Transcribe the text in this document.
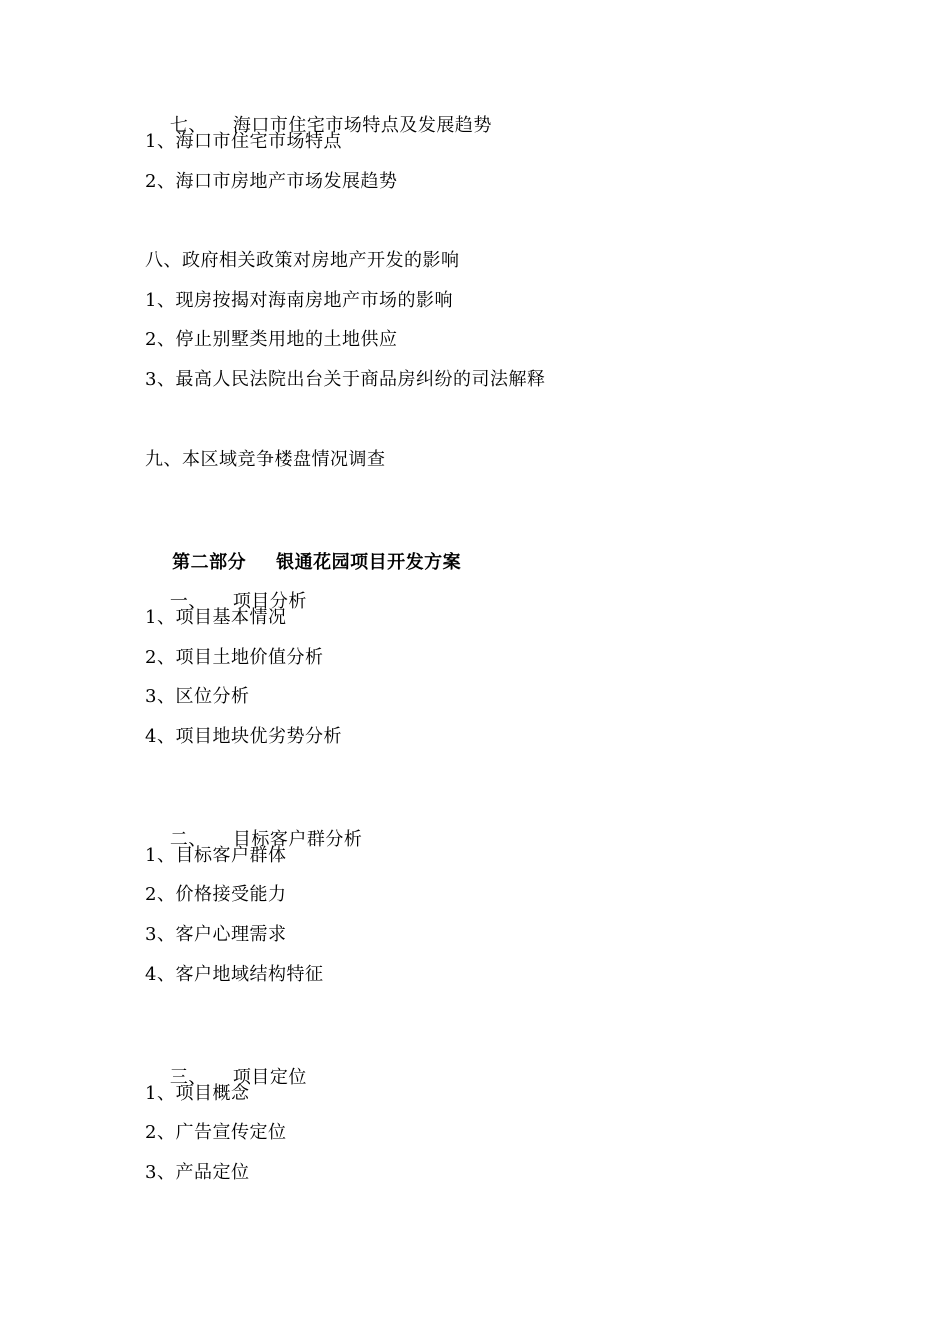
七、 海口市住宅市场特点及发展趋势

1、海口市住宅市场特点
2、海口市房地产市场发展趋势
八、政府相关政策对房地产开发的影响
1、现房按揭对海南房地产市场的影响
2、停止别墅类用地的土地供应
3、最高人民法院出台关于商品房纠纷的司法解释
九、本区域竞争楼盘情况调查

第二部分 银通花园项目开发方案

一、 项目分析

1、项目基本情况
2、项目土地价值分析
3、区位分析
4、项目地块优劣势分析

二、 目标客户群分析

1、目标客户群体
2、价格接受能力
3、客户心理需求
4、客户地域结构特征

三、 项目定位

1、项目概念
2、广告宣传定位
3、产品定位
